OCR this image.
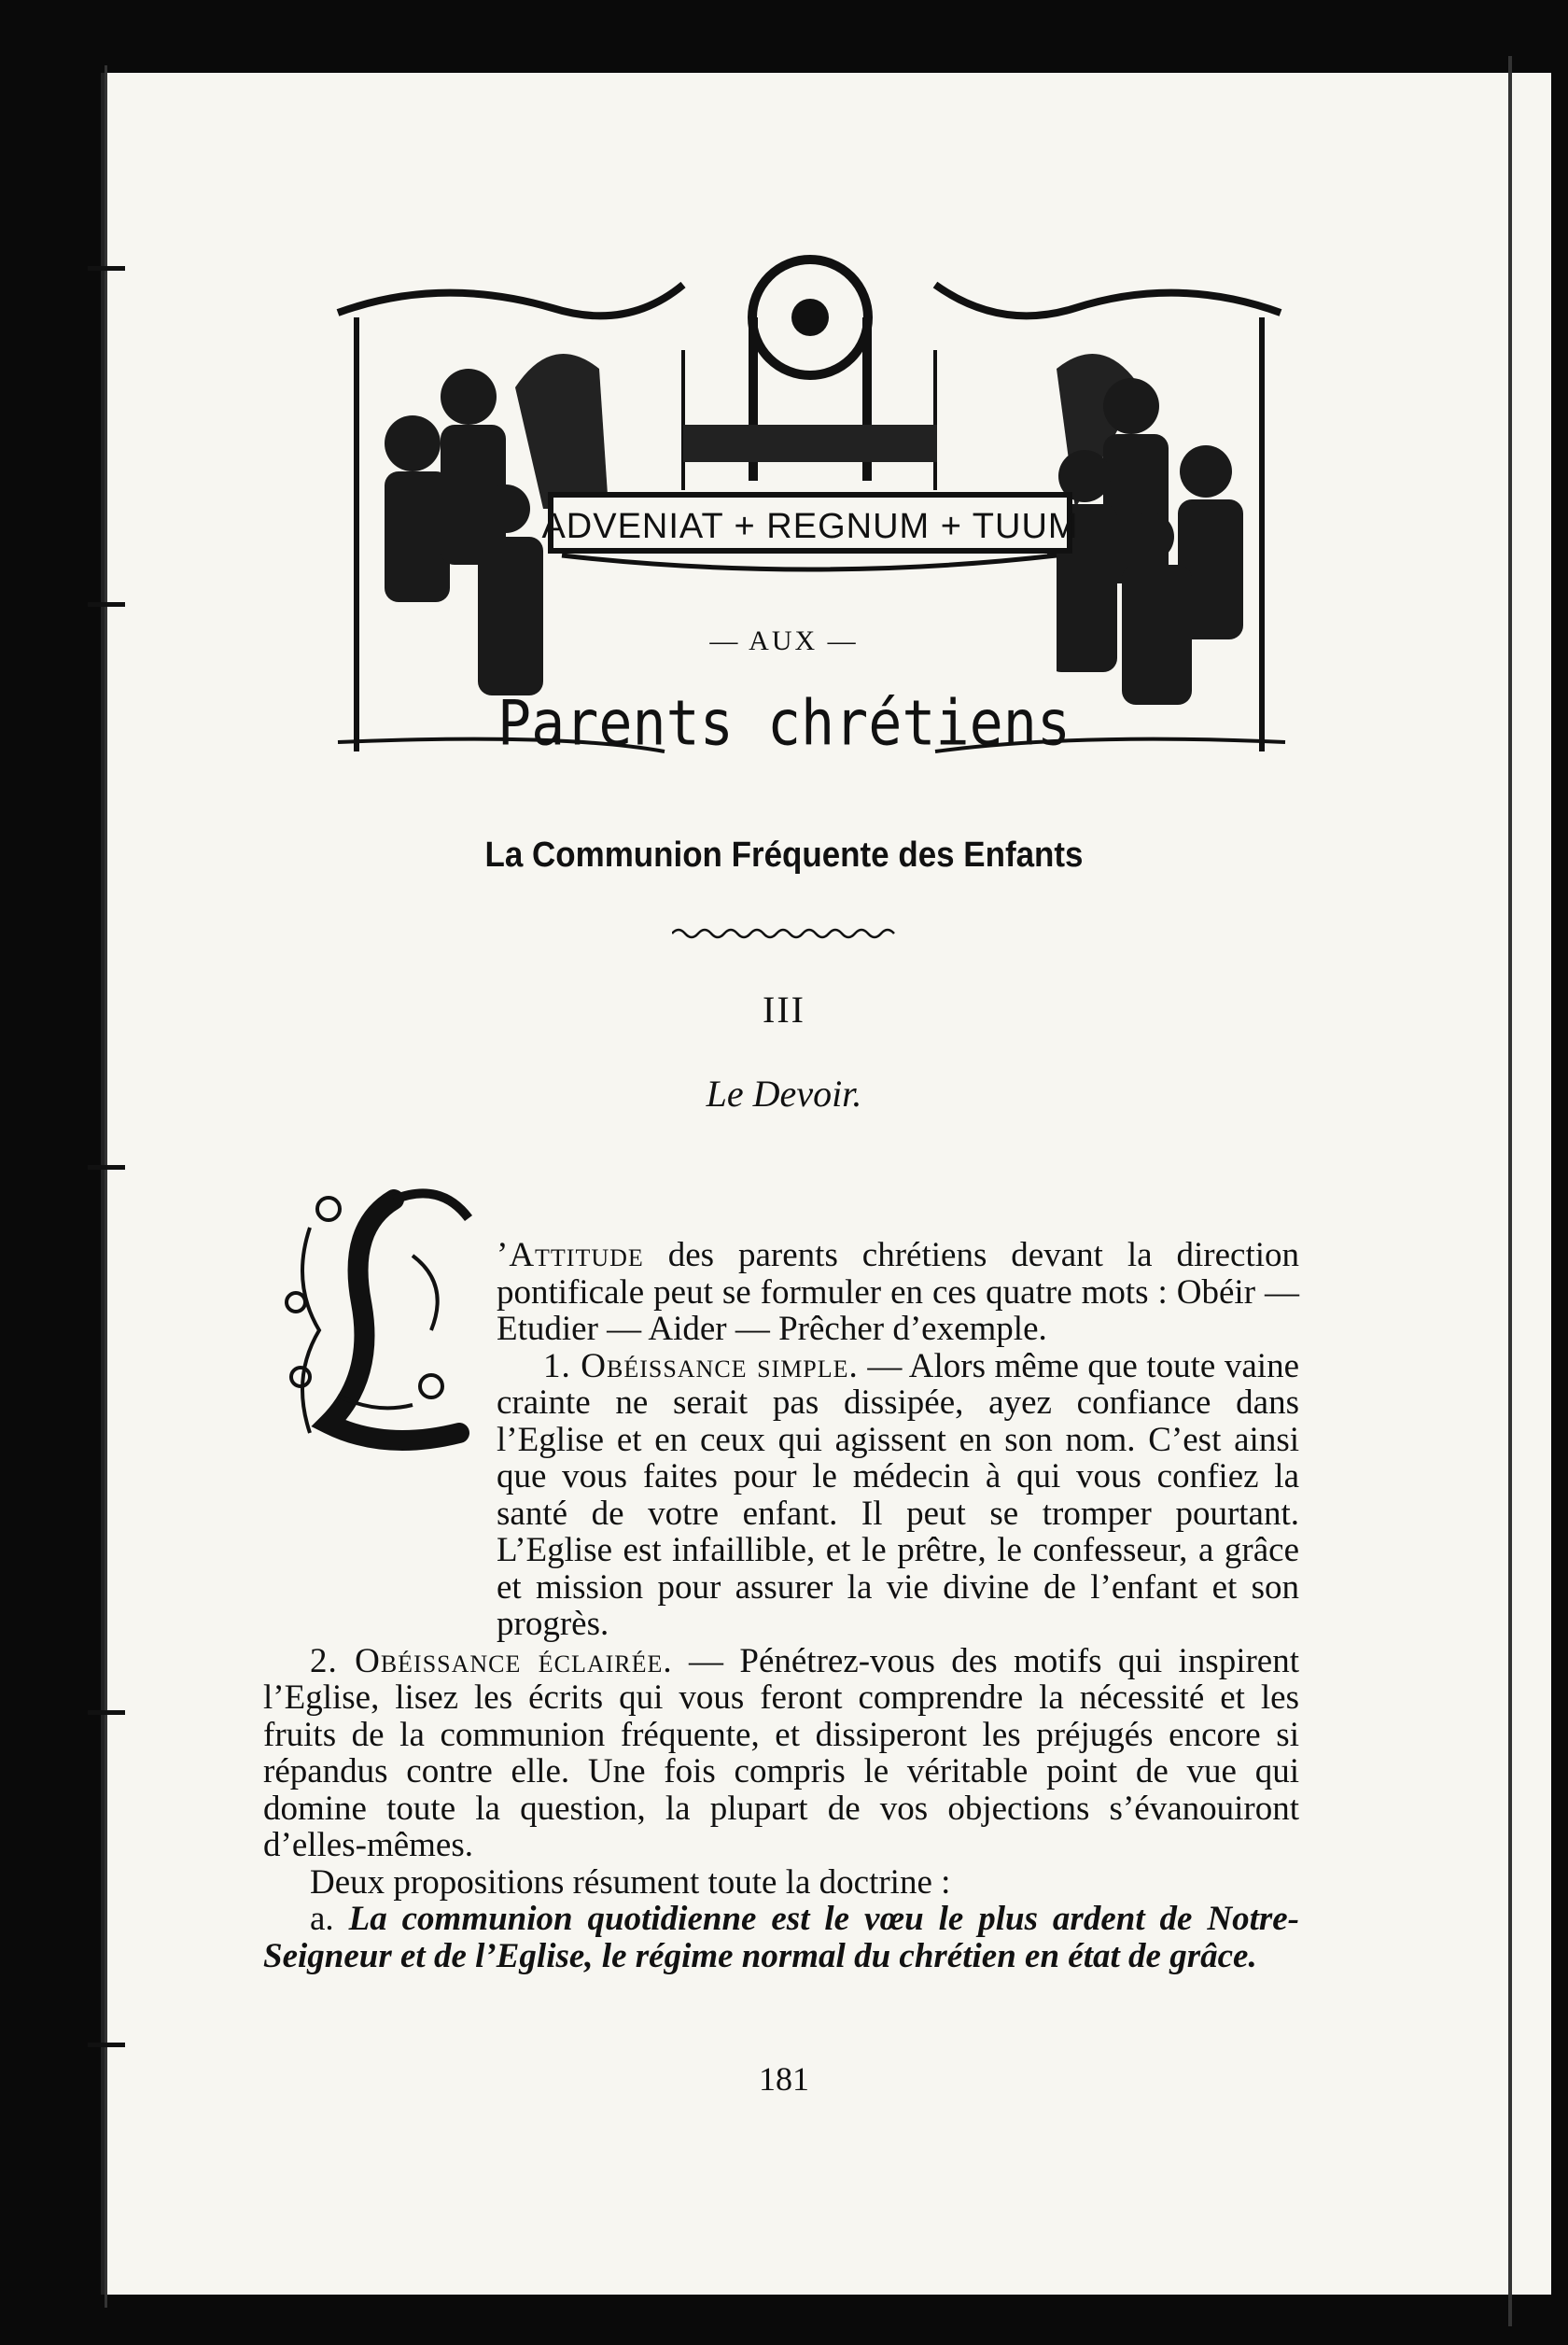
ADVENIAT + REGNUM + TUUM
— AUX —
Parents chrétiens
La Communion Fréquente des Enfants
III
Le Devoir.

’Attitude des parents chrétiens devant la direction pontificale peut se formuler en ces quatre mots : Obéir — Etudier — Aider — Prêcher d’exemple.

1. Obéissance simple. — Alors même que toute vaine crainte ne serait pas dissipée, ayez confiance dans l’Eglise et en ceux qui agissent en son nom. C’est ainsi que vous faites pour le médecin à qui vous confiez la santé de votre enfant. Il peut se tromper pourtant. L’Eglise est infaillible, et le prêtre, le confesseur, a grâce et mission pour assurer la vie divine de l’enfant et son progrès.

2. Obéissance éclairée. — Pénétrez-vous des motifs qui inspirent l’Eglise, lisez les écrits qui vous feront comprendre la nécessité et les fruits de la communion fréquente, et dissiperont les préjugés encore si répandus contre elle. Une fois compris le véritable point de vue qui domine toute la question, la plupart de vos objections s’évanouiront d’elles-mêmes.

Deux propositions résument toute la doctrine :

a. La communion quotidienne est le vœu le plus ardent de Notre-Seigneur et de l’Eglise, le régime normal du chrétien en état de grâce.

181
